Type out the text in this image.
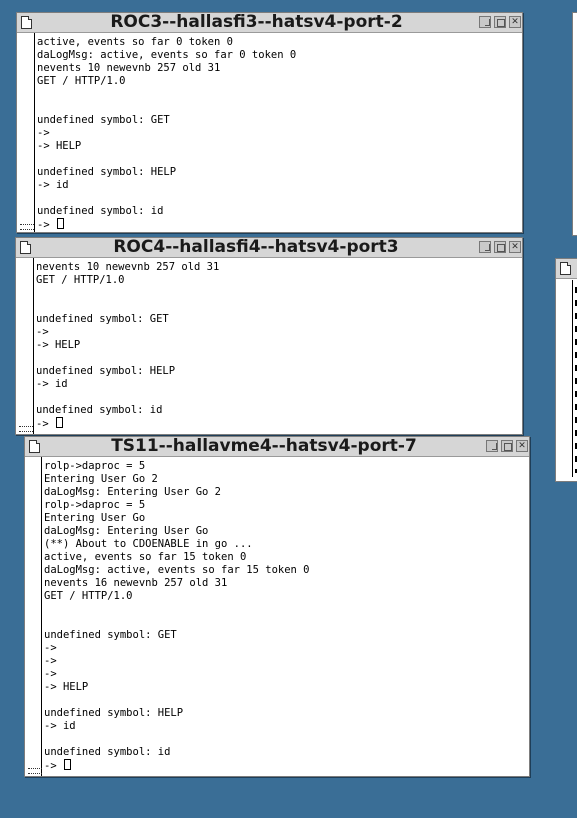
ROC3--hallasfi3--hatsv4-port-2	✕
active, events so far 0 token 0
daLogMsg: active, events so far 0 token 0
nevents 10 newevnb 257 old 31
GET / HTTP/1.0
undefined symbol: GET
->
-> HELP
undefined symbol: HELP
-> id
undefined symbol: id
->
ROC4--hallasfi4--hatsv4-port3	✕
nevents 10 newevnb 257 old 31
GET / HTTP/1.0
undefined symbol: GET
->
-> HELP
undefined symbol: HELP
-> id
undefined symbol: id
->
TS11--hallavme4--hatsv4-port-7	✕
rolp->daproc = 5
Entering User Go 2
daLogMsg: Entering User Go 2
rolp->daproc = 5
Entering User Go
daLogMsg: Entering User Go
(**) About to CDOENABLE in go ...
active, events so far 15 token 0
daLogMsg: active, events so far 15 token 0
nevents 16 newevnb 257 old 31
GET / HTTP/1.0
undefined symbol: GET
->
->
->
-> HELP
undefined symbol: HELP
-> id
undefined symbol: id
->
